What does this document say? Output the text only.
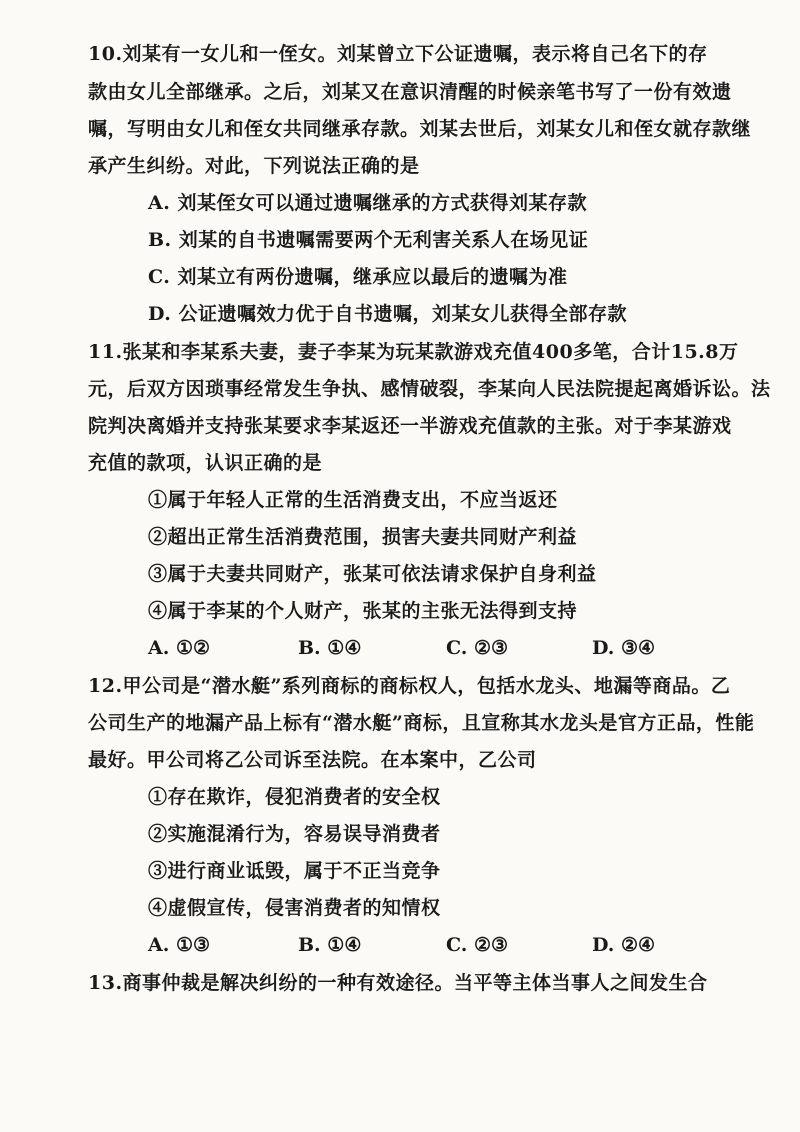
10.刘某有一女儿和一侄女。刘某曾立下公证遗嘱，表示将自己名下的存
款由女儿全部继承。之后，刘某又在意识清醒的时候亲笔书写了一份有效遗
嘱，写明由女儿和侄女共同继承存款。刘某去世后，刘某女儿和侄女就存款继
承产生纠纷。对此，下列说法正确的是
A. 刘某侄女可以通过遗嘱继承的方式获得刘某存款
B. 刘某的自书遗嘱需要两个无利害关系人在场见证
C. 刘某立有两份遗嘱，继承应以最后的遗嘱为准
D. 公证遗嘱效力优于自书遗嘱，刘某女儿获得全部存款
11.张某和李某系夫妻，妻子李某为玩某款游戏充值400多笔，合计15.8万
元，后双方因琐事经常发生争执、感情破裂，李某向人民法院提起离婚诉讼。法
院判决离婚并支持张某要求李某返还一半游戏充值款的主张。对于李某游戏
充值的款项，认识正确的是
①属于年轻人正常的生活消费支出，不应当返还
②超出正常生活消费范围，损害夫妻共同财产利益
③属于夫妻共同财产，张某可依法请求保护自身利益
④属于李某的个人财产，张某的主张无法得到支持
A. ①②	B. ①④	C. ②③	D. ③④
12.甲公司是“潜水艇”系列商标的商标权人，包括水龙头、地漏等商品。乙
公司生产的地漏产品上标有“潜水艇”商标，且宣称其水龙头是官方正品，性能
最好。甲公司将乙公司诉至法院。在本案中，乙公司
①存在欺诈，侵犯消费者的安全权
②实施混淆行为，容易误导消费者
③进行商业诋毁，属于不正当竞争
④虚假宣传，侵害消费者的知情权
A. ①③	B. ①④	C. ②③	D. ②④
13.商事仲裁是解决纠纷的一种有效途径。当平等主体当事人之间发生合
